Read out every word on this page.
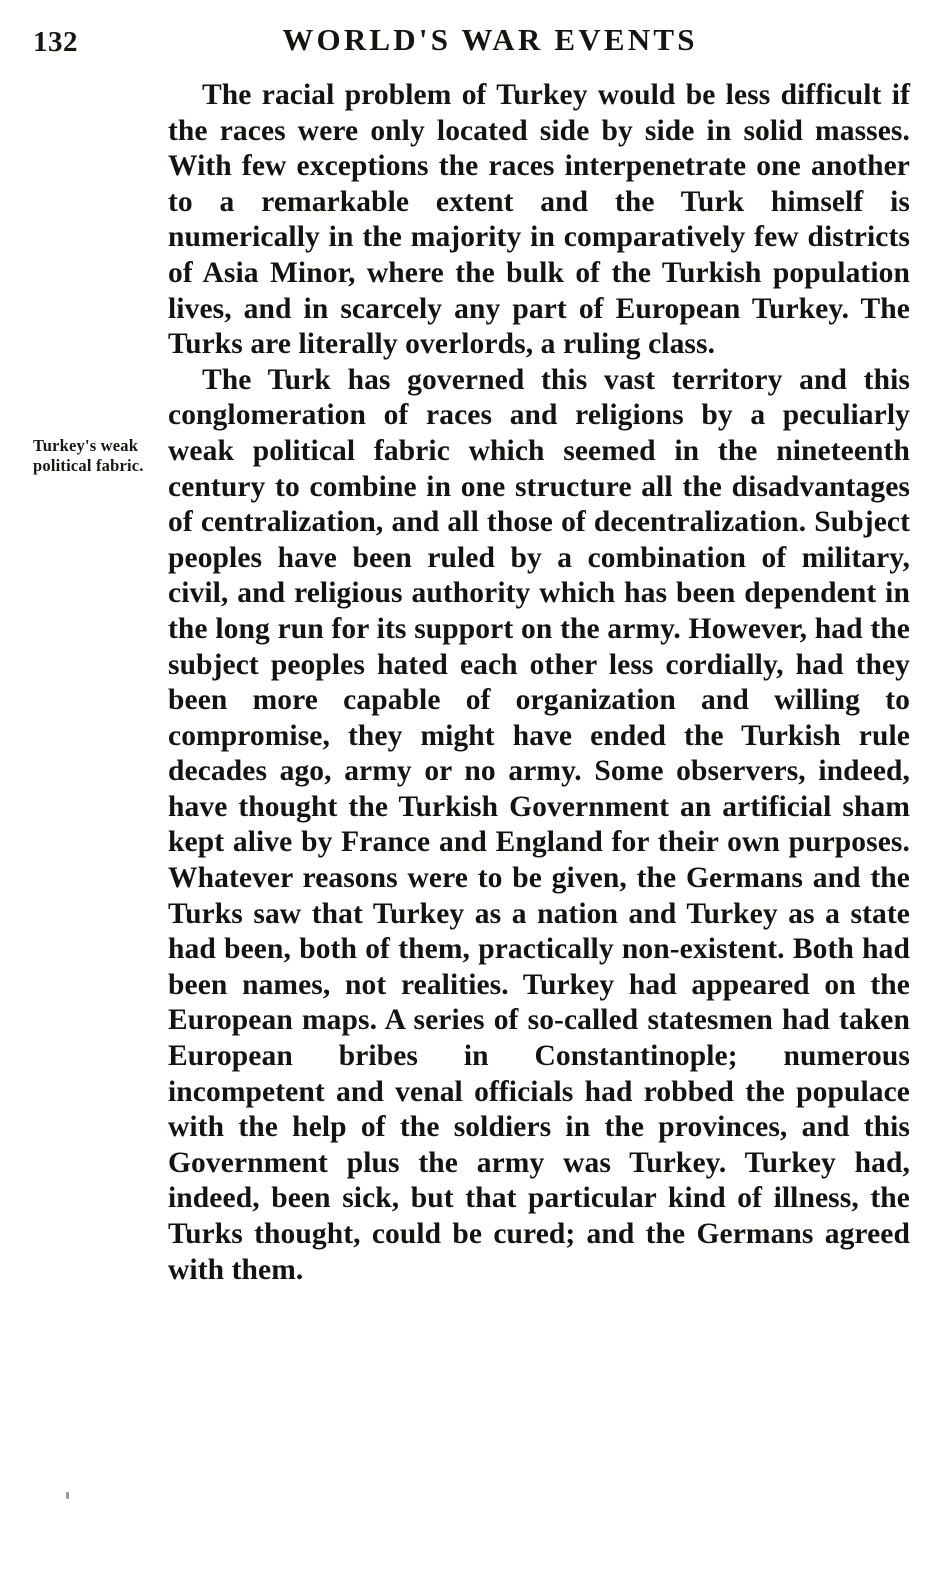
132	WORLD'S WAR EVENTS
Turkey's weak political fabric.

The racial problem of Turkey would be less difficult if the races were only located side by side in solid masses. With few exceptions the races interpenetrate one another to a remarkable extent and the Turk himself is numerically in the majority in comparatively few districts of Asia Minor, where the bulk of the Turkish population lives, and in scarcely any part of European Turkey. The Turks are literally overlords, a ruling class.

The Turk has governed this vast territory and this conglomeration of races and religions by a peculiarly weak political fabric which seemed in the nineteenth century to combine in one structure all the disadvantages of centralization, and all those of decentralization. Subject peoples have been ruled by a combination of military, civil, and religious authority which has been dependent in the long run for its support on the army. However, had the subject peoples hated each other less cordially, had they been more capable of organization and willing to compromise, they might have ended the Turkish rule decades ago, army or no army. Some observers, indeed, have thought the Turkish Government an artificial sham kept alive by France and England for their own purposes. Whatever reasons were to be given, the Germans and the Turks saw that Turkey as a nation and Turkey as a state had been, both of them, practically non-existent. Both had been names, not realities. Turkey had appeared on the European maps. A series of so-called statesmen had taken European bribes in Constantinople; numerous incompetent and venal officials had robbed the populace with the help of the soldiers in the provinces, and this Government plus the army was Turkey. Turkey had, indeed, been sick, but that particular kind of illness, the Turks thought, could be cured; and the Germans agreed with them.
